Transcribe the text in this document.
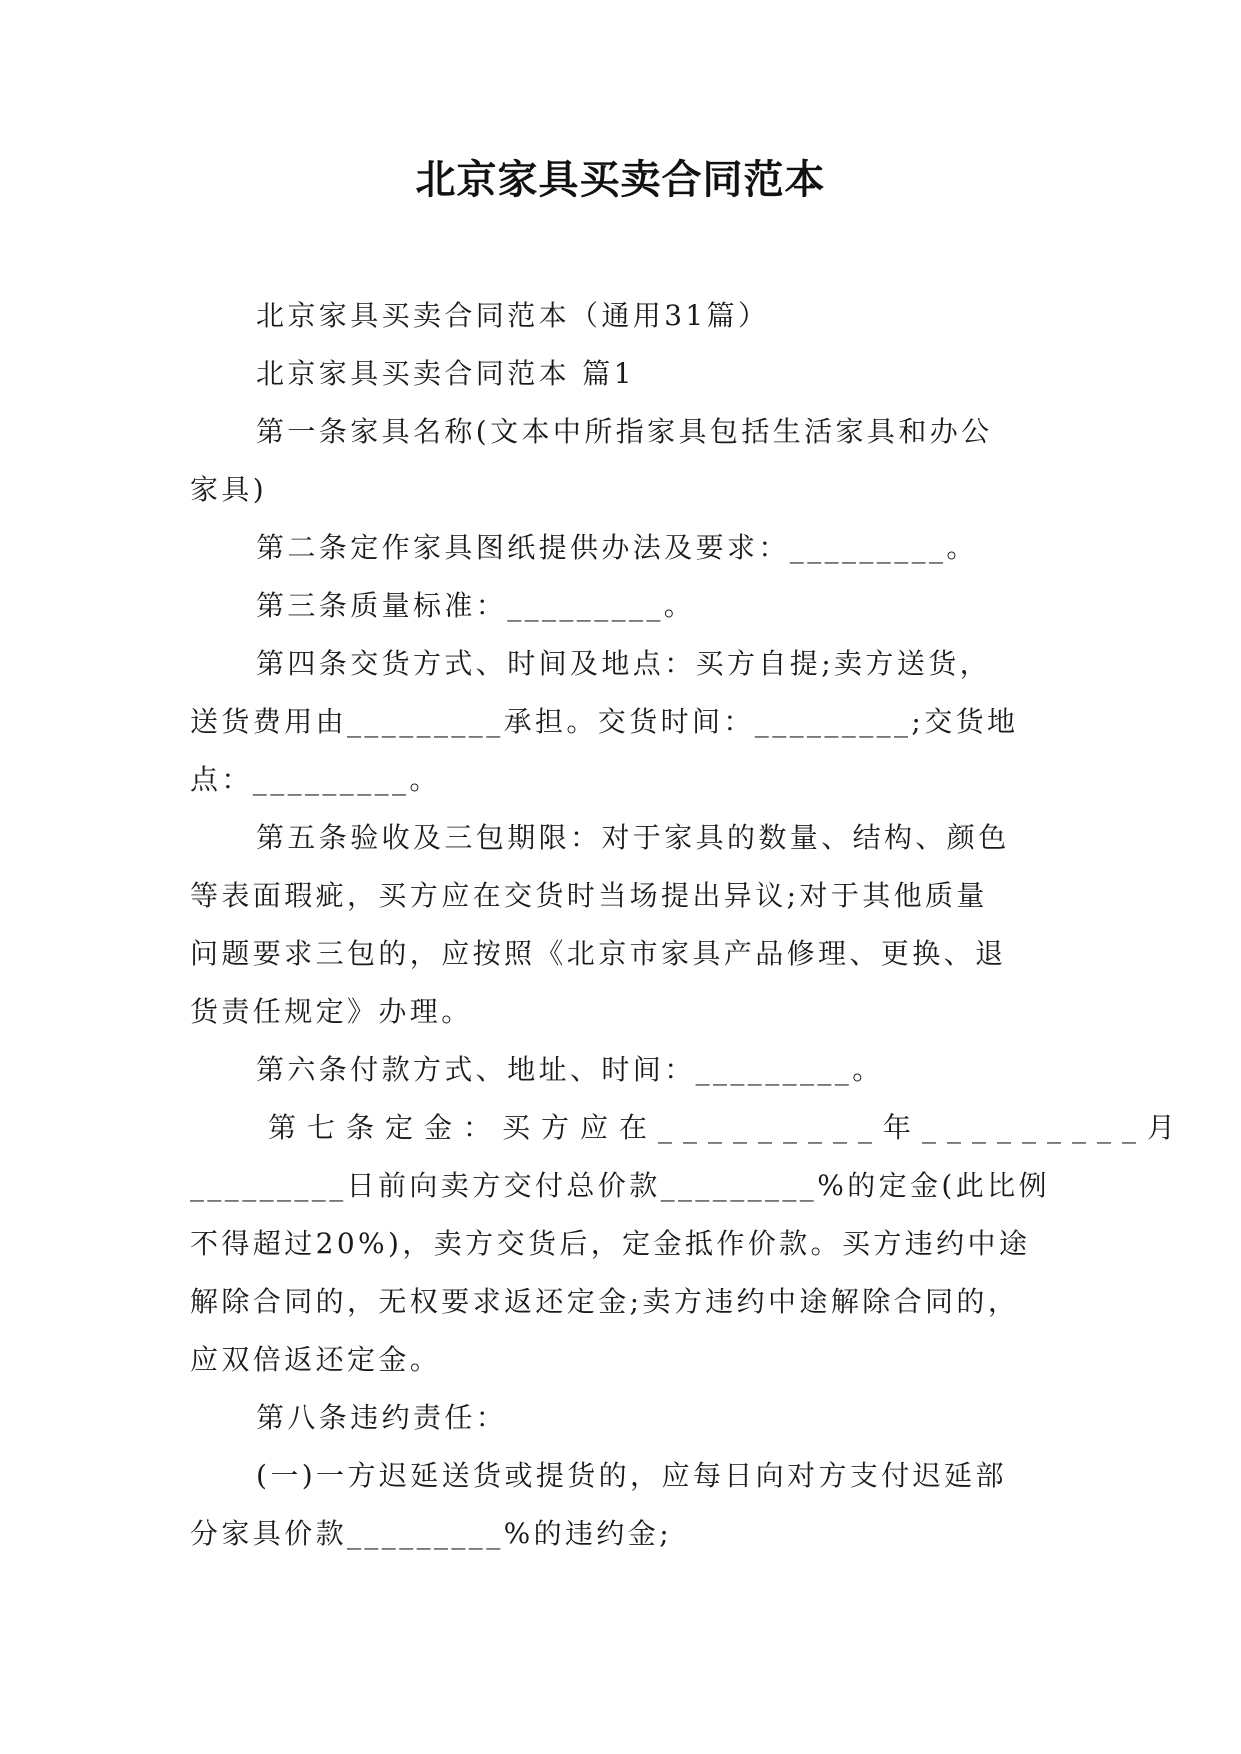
北京家具买卖合同范本
北京家具买卖合同范本（通用31篇）
北京家具买卖合同范本 篇1
第一条家具名称(文本中所指家具包括生活家具和办公
家具)
第二条定作家具图纸提供办法及要求：_________。
第三条质量标准：_________。
第四条交货方式、时间及地点：买方自提;卖方送货，
送货费用由_________承担。交货时间：_________;交货地
点：_________。
第五条验收及三包期限：对于家具的数量、结构、颜色
等表面瑕疵，买方应在交货时当场提出异议;对于其他质量
问题要求三包的，应按照《北京市家具产品修理、更换、退
货责任规定》办理。
第六条付款方式、地址、时间：_________。
第七条定金：买方应在_________年_________月
_________日前向卖方交付总价款_________%的定金(此比例
不得超过20%)，卖方交货后，定金抵作价款。买方违约中途
解除合同的，无权要求返还定金;卖方违约中途解除合同的，
应双倍返还定金。
第八条违约责任：
(一)一方迟延送货或提货的，应每日向对方支付迟延部
分家具价款_________%的违约金;
